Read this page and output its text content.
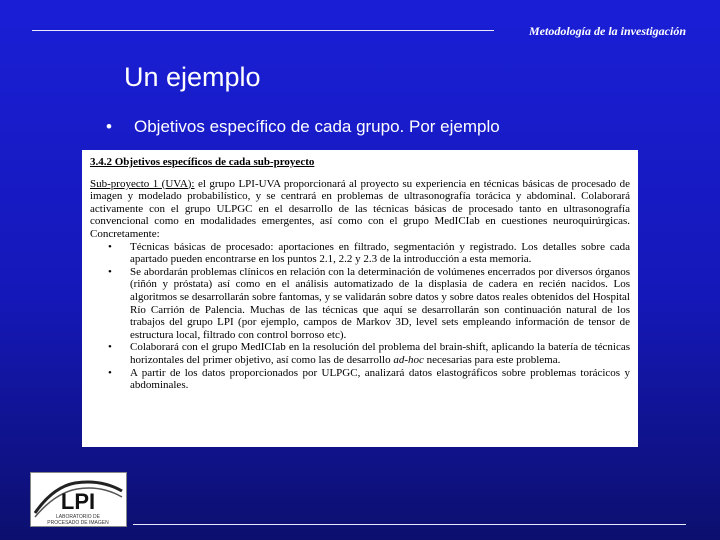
Metodología de la investigación
Un ejemplo
• Objetivos específico de cada grupo. Por ejemplo
3.4.2 Objetivos específicos de cada sub-proyecto
Sub-proyecto 1 (UVA): el grupo LPI-UVA proporcionará al proyecto su experiencia en técnicas básicas de procesado de imagen y modelado probabilístico, y se centrará en problemas de ultrasonografía torácica y abdominal. Colaborará activamente con el grupo ULPGC en el desarrollo de las técnicas básicas de procesado tanto en ultrasonografía convencional como en modalidades emergentes, así como con el grupo MedICIab en cuestiones neuroquirúrgicas. Concretamente:
• Técnicas básicas de procesado: aportaciones en filtrado, segmentación y registrado. Los detalles sobre cada apartado pueden encontrarse en los puntos 2.1, 2.2 y 2.3 de la introducción a esta memoria.
• Se abordarán problemas clínicos en relación con la determinación de volúmenes encerrados por diversos órganos (riñón y próstata) así como en el análisis automatizado de la displasia de cadera en recién nacidos. Los algoritmos se desarrollarán sobre fantomas, y se validarán sobre datos y sobre datos reales obtenidos del Hospital Río Carrión de Palencia. Muchas de las técnicas que aquí se desarrollarán son continuación natural de los trabajos del grupo LPI (por ejemplo, campos de Markov 3D, level sets empleando información de tensor de estructura local, filtrado con control borroso etc).
• Colaborará con el grupo MedICIab en la resolución del problema del brain-shift, aplicando la batería de técnicas horizontales del primer objetivo, así como las de desarrollo ad-hoc necesarias para este problema.
• A partir de los datos proporcionados por ULPGC, analizará datos elastográficos sobre problemas torácicos y abdominales.
LPI
LABORATORIO DE
PROCESADO DE IMAGEN
